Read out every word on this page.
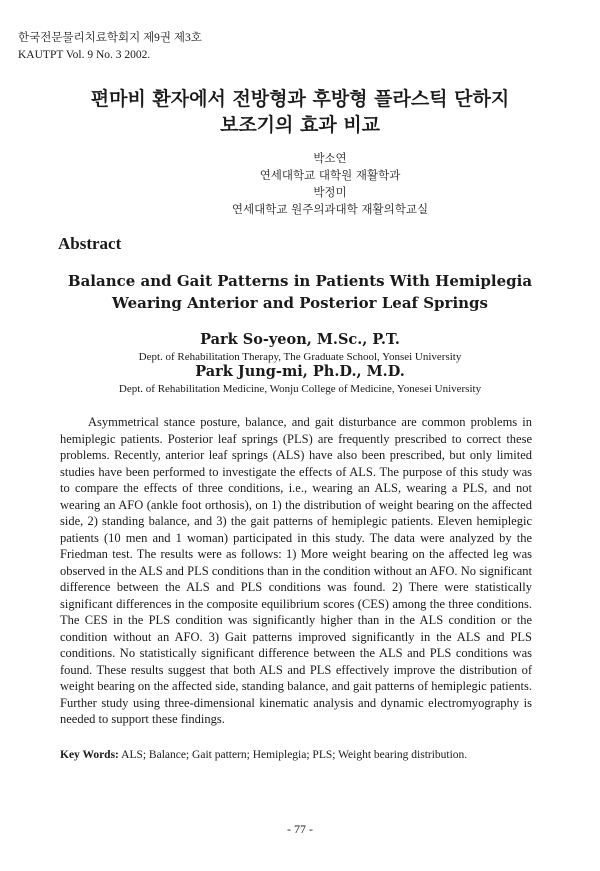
한국전문물리치료학회지 제9권 제3호
KAUTPT Vol. 9 No. 3 2002.
편마비 환자에서 전방형과 후방형 플라스틱 단하지
보조기의 효과 비교
박소연
연세대학교 대학원 재활학과
박정미
연세대학교 원주의과대학 재활의학교실
Abstract
Balance and Gait Patterns in Patients With Hemiplegia
Wearing Anterior and Posterior Leaf Springs
Park So-yeon, M.Sc., P.T.
Dept. of Rehabilitation Therapy, The Graduate School, Yonsei University
Park Jung-mi, Ph.D., M.D.
Dept. of Rehabilitation Medicine, Wonju College of Medicine, Yonesei University
Asymmetrical stance posture, balance, and gait disturbance are common problems in hemiplegic patients. Posterior leaf springs (PLS) are frequently prescribed to correct these problems. Recently, anterior leaf springs (ALS) have also been prescribed, but only limited studies have been performed to investigate the effects of ALS. The purpose of this study was to compare the effects of three conditions, i.e., wearing an ALS, wearing a PLS, and not wearing an AFO (ankle foot orthosis), on 1) the distribution of weight bearing on the affected side, 2) standing balance, and 3) the gait patterns of hemiplegic patients. Eleven hemiplegic patients (10 men and 1 woman) participated in this study. The data were analyzed by the Friedman test. The results were as follows: 1) More weight bearing on the affected leg was observed in the ALS and PLS conditions than in the condition without an AFO. No significant difference between the ALS and PLS conditions was found. 2) There were statistically significant differences in the composite equilibrium scores (CES) among the three conditions. The CES in the PLS condition was significantly higher than in the ALS condition or the condition without an AFO. 3) Gait patterns improved significantly in the ALS and PLS conditions. No statistically significant difference between the ALS and PLS conditions was found. These results suggest that both ALS and PLS effectively improve the distribution of weight bearing on the affected side, standing balance, and gait patterns of hemiplegic patients. Further study using three-dimensional kinematic analysis and dynamic electromyography is needed to support these findings.
Key Words: ALS; Balance; Gait pattern; Hemiplegia; PLS; Weight bearing distribution.
- 77 -
